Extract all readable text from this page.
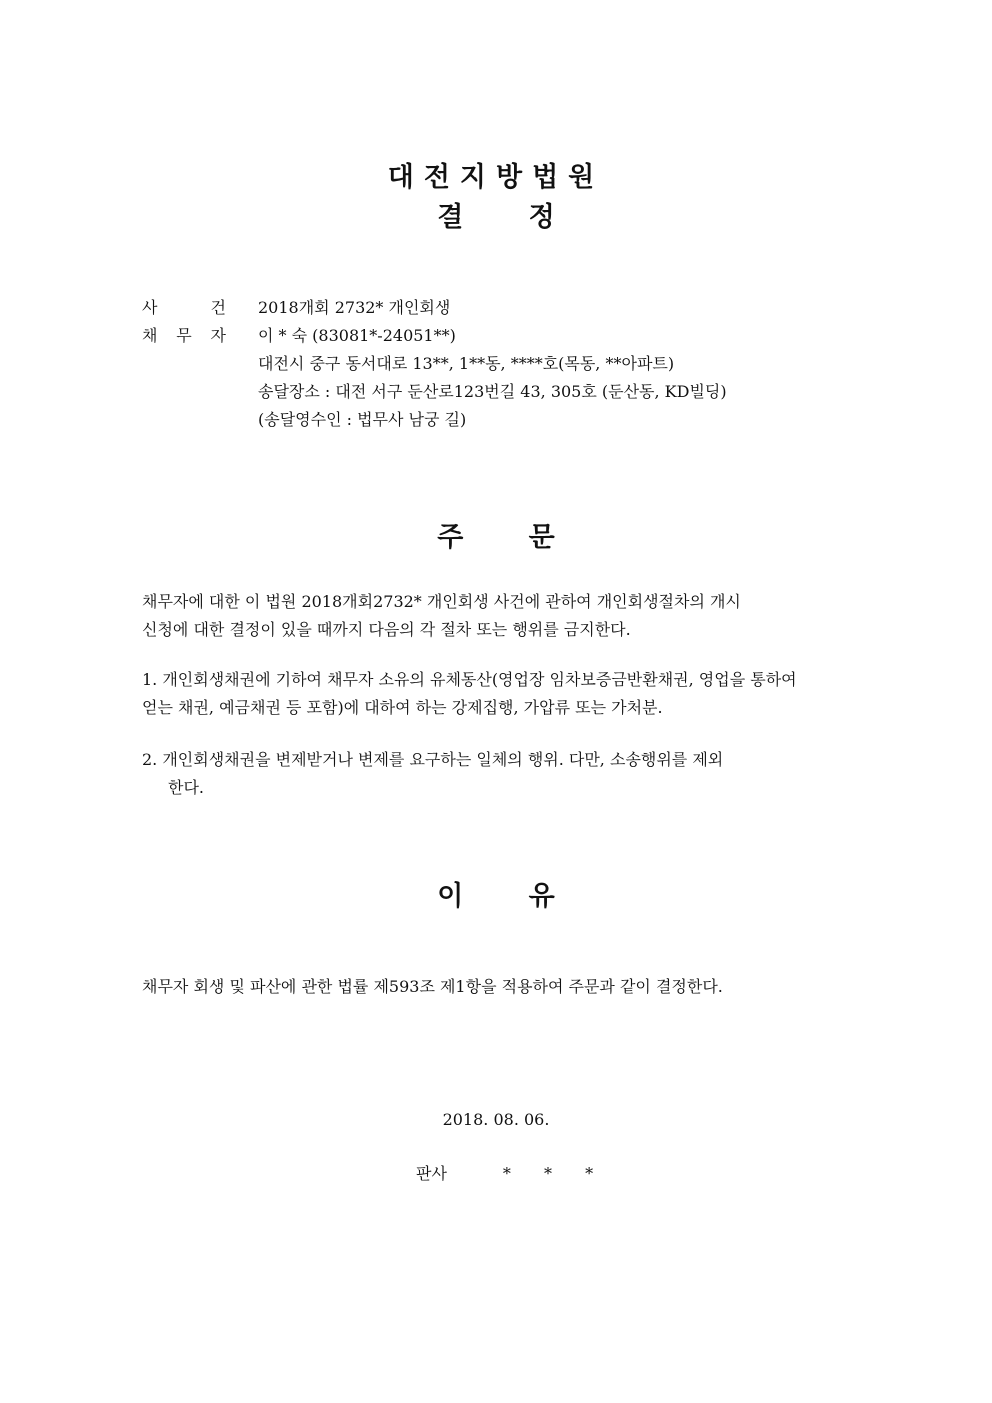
대전지방법원
결 정
사	건 2018개회 2732* 개인회생
채 무 자 이 * 숙 (83081*-24051**)
대전시 중구 동서대로 13**, 1**동, ****호(목동, **아파트)
송달장소 : 대전 서구 둔산로123번길 43, 305호 (둔산동, KD빌딩)
(송달영수인 : 법무사 남궁 길)
주 문
채무자에 대한 이 법원 2018개회2732* 개인회생 사건에 관하여 개인회생절차의 개시
신청에 대한 결정이 있을 때까지 다음의 각 절차 또는 행위를 금지한다.
1. 개인회생채권에 기하여 채무자 소유의 유체동산(영업장 임차보증금반환채권, 영업을 통하여
얻는 채권, 예금채권 등 포함)에 대하여 하는 강제집행, 가압류 또는 가처분.
2. 개인회생채권을 변제받거나 변제를 요구하는 일체의 행위. 다만, 소송행위를 제외
한다.
이 유
채무자 회생 및 파산에 관한 법률 제593조 제1항을 적용하여 주문과 같이 결정한다.
2018. 08. 06.
판사	* * *
